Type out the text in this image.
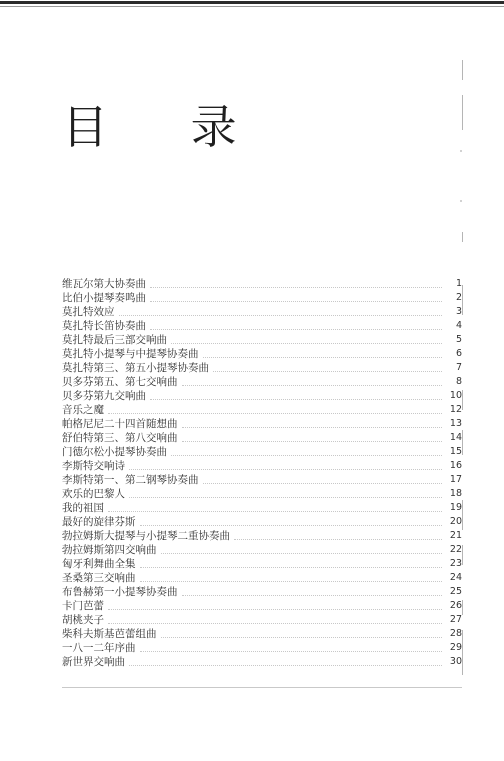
目 录
维瓦尔第大协奏曲	1
比伯小提琴奏鸣曲	2
莫扎特效应	3
莫扎特长笛协奏曲	4
莫扎特最后三部交响曲	5
莫扎特小提琴与中提琴协奏曲	6
莫扎特第三、第五小提琴协奏曲	7
贝多芬第五、第七交响曲	8
贝多芬第九交响曲	10
音乐之魔	12
帕格尼尼二十四首随想曲	13
舒伯特第三、第八交响曲	14
门德尔松小提琴协奏曲	15
李斯特交响诗	16
李斯特第一、第二钢琴协奏曲	17
欢乐的巴黎人	18
我的祖国	19
最好的旋律芬斯	20
勃拉姆斯大提琴与小提琴二重协奏曲	21
勃拉姆斯第四交响曲	22
匈牙利舞曲全集	23
圣桑第三交响曲	24
布鲁赫第一小提琴协奏曲	25
卡门芭蕾	26
胡桃夹子	27
柴科夫斯基芭蕾组曲	28
一八一二年序曲	29
新世界交响曲	30
